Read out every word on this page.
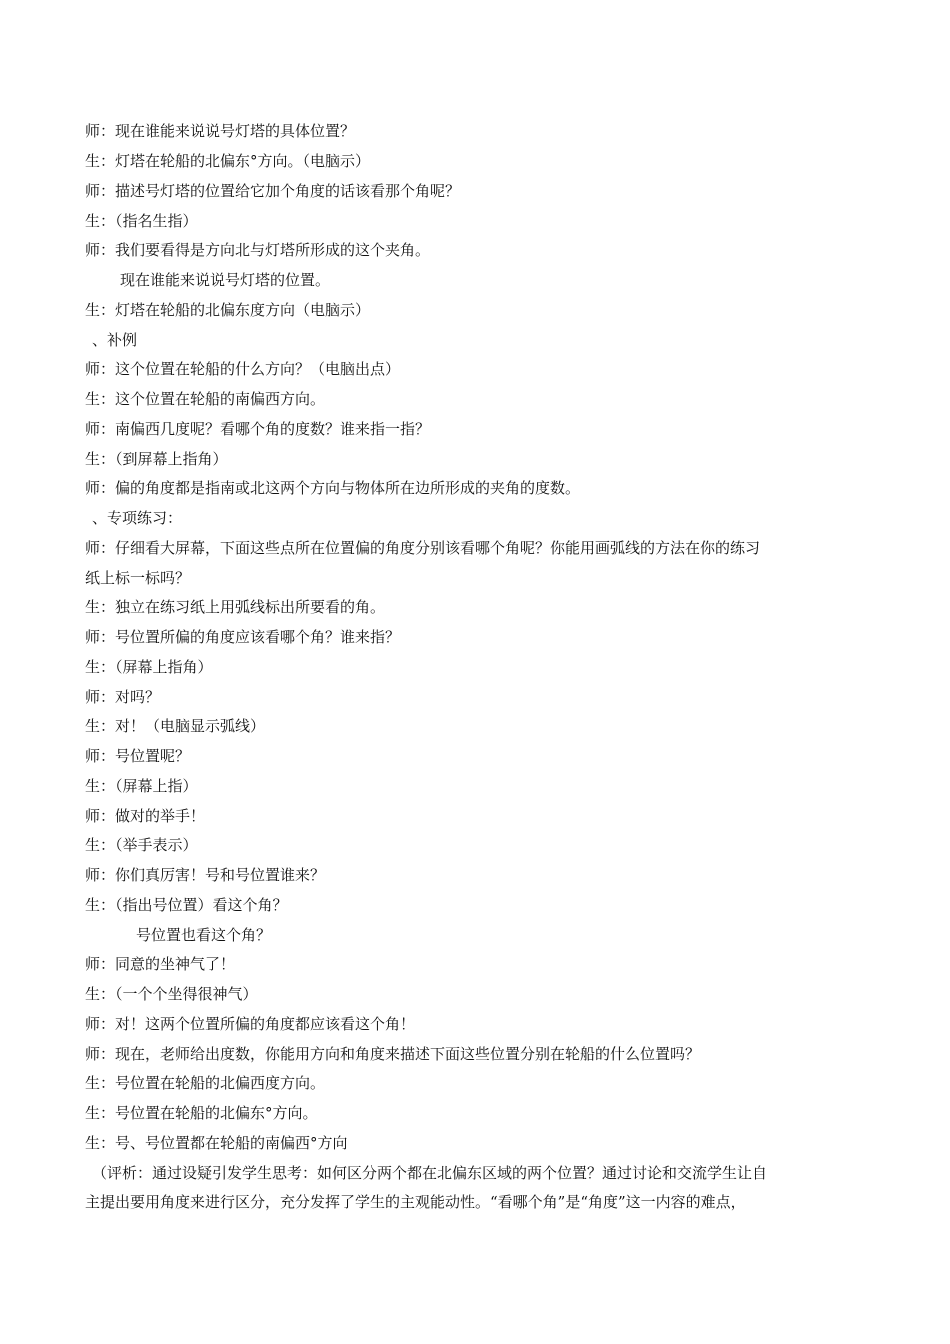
师：现在谁能来说说号灯塔的具体位置？
生：灯塔在轮船的北偏东°方向。（电脑示）
师：描述号灯塔的位置给它加个角度的话该看那个角呢？
生：（指名生指）
师：我们要看得是方向北与灯塔所形成的这个夹角。
现在谁能来说说号灯塔的位置。
生：灯塔在轮船的北偏东度方向（电脑示）
、补例
师：这个位置在轮船的什么方向？（电脑出点）
生：这个位置在轮船的南偏西方向。
师：南偏西几度呢？看哪个角的度数？谁来指一指？
生：（到屏幕上指角）
师：偏的角度都是指南或北这两个方向与物体所在边所形成的夹角的度数。
、专项练习：
师：仔细看大屏幕，下面这些点所在位置偏的角度分别该看哪个角呢？你能用画弧线的方法在你的练习
纸上标一标吗？
生：独立在练习纸上用弧线标出所要看的角。
师：号位置所偏的角度应该看哪个角？谁来指？
生：（屏幕上指角）
师：对吗？
生：对！（电脑显示弧线）
师：号位置呢？
生：（屏幕上指）
师：做对的举手！
生：（举手表示）
师：你们真厉害！号和号位置谁来？
生：（指出号位置）看这个角？
号位置也看这个角？
师：同意的坐神气了！
生：（一个个坐得很神气）
师：对！这两个位置所偏的角度都应该看这个角！
师：现在，老师给出度数，你能用方向和角度来描述下面这些位置分别在轮船的什么位置吗？
生：号位置在轮船的北偏西度方向。
生：号位置在轮船的北偏东°方向。
生：号、号位置都在轮船的南偏西°方向
（评析：通过设疑引发学生思考：如何区分两个都在北偏东区域的两个位置？通过讨论和交流学生让自
主提出要用角度来进行区分，充分发挥了学生的主观能动性。“看哪个角”是“角度”这一内容的难点，
